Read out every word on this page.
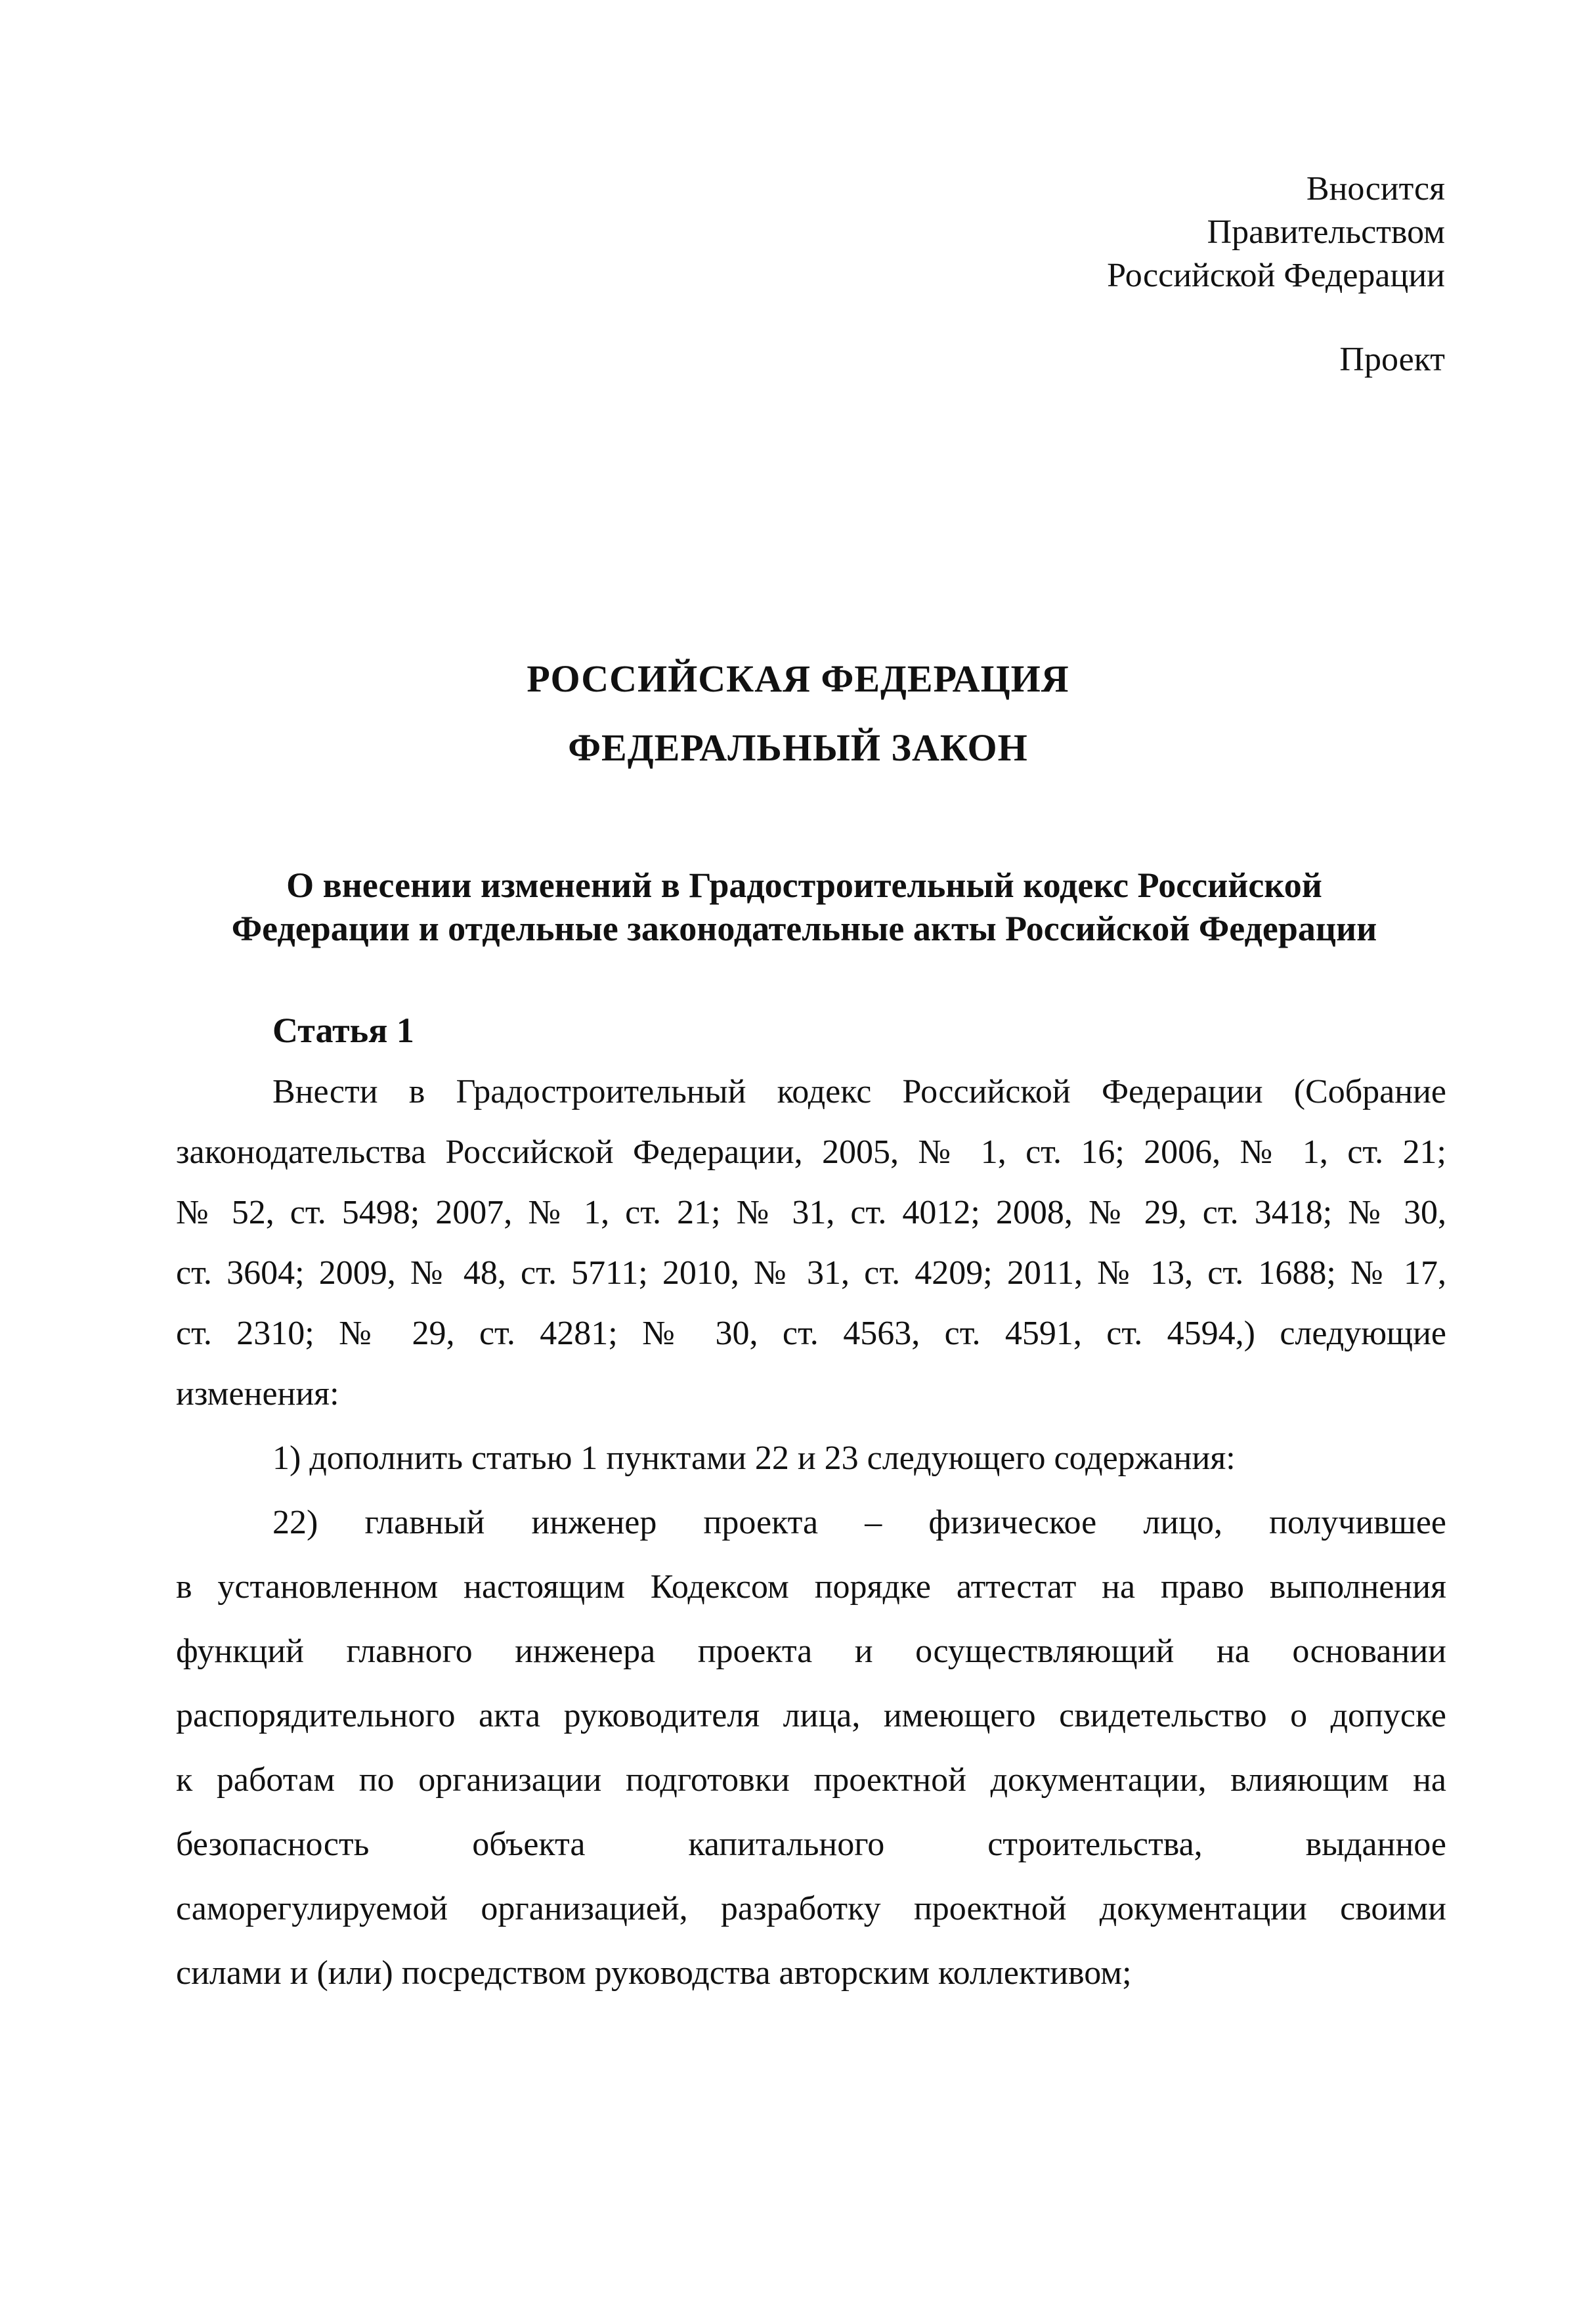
Вносится
Правительством
Российской Федерации
Проект
РОССИЙСКАЯ ФЕДЕРАЦИЯ
ФЕДЕРАЛЬНЫЙ ЗАКОН
О внесении изменений в Градостроительный кодекс Российской
Федерации и отдельные законодательные акты Российской Федерации
Статья 1
Внести в Градостроительный кодекс Российской Федерации (Собрание
законодательства Российской Федерации, 2005, № 1, ст. 16; 2006, № 1, ст. 21;
№ 52, ст. 5498; 2007, № 1, ст. 21; № 31, ст. 4012; 2008, № 29, ст. 3418; № 30,
ст. 3604; 2009, № 48, ст. 5711; 2010, № 31, ст. 4209; 2011, № 13, ст. 1688; № 17,
ст. 2310; № 29, ст. 4281; № 30, ст. 4563, ст. 4591, ст. 4594,) следующие
изменения:
1) дополнить статью 1 пунктами 22 и 23 следующего содержания:
22) главный инженер проекта – физическое лицо, получившее
в установленном настоящим Кодексом порядке аттестат на право выполнения
функций главного инженера проекта и осуществляющий на основании
распорядительного акта руководителя лица, имеющего свидетельство о допуске
к работам по организации подготовки проектной документации, влияющим на
безопасность объекта капитального строительства, выданное
саморегулируемой организацией, разработку проектной документации своими
силами и (или) посредством руководства авторским коллективом;
